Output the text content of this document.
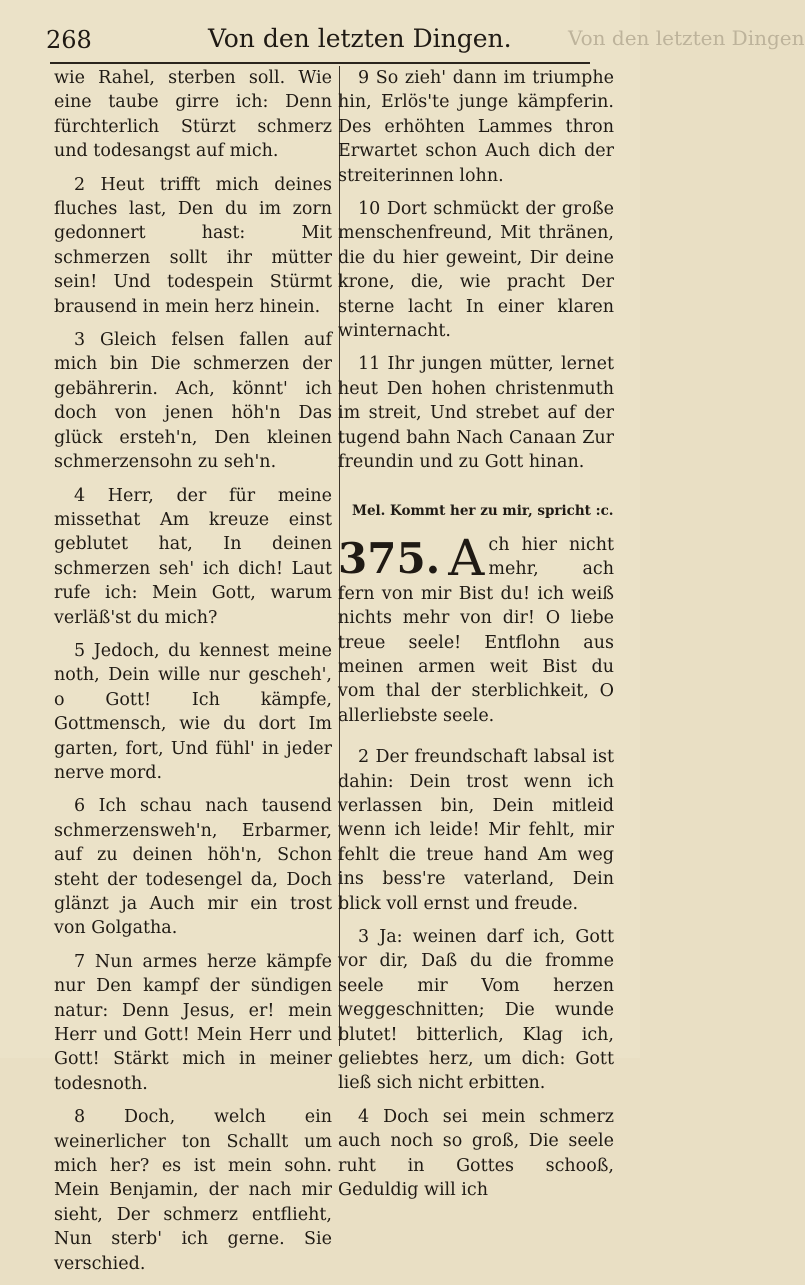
268	Von den letzten Dingen.	Von den letzten Dingen

wie Rahel, sterben soll. Wie eine taube girre ich: Denn fürchterlich Stürzt schmerz und todesangst auf mich.

2 Heut trifft mich deines fluches last, Den du im zorn gedonnert hast: Mit schmerzen sollt ihr mütter sein! Und todespein Stürmt brausend in mein herz hinein.

3 Gleich felsen fallen auf mich bin Die schmerzen der gebährerin. Ach, könnt' ich doch von jenen höh'n Das glück ersteh'n, Den kleinen schmerzensohn zu seh'n.

4 Herr, der für meine missethat Am kreuze einst geblutet hat, In deinen schmerzen seh' ich dich! Laut rufe ich: Mein Gott, warum verläß'st du mich?

5 Jedoch, du kennest meine noth, Dein wille nur gescheh', o Gott! Ich kämpfe, Gottmensch, wie du dort Im garten, fort, Und fühl' in jeder nerve mord.

6 Ich schau nach tausend schmerzensweh'n, Erbarmer, auf zu deinen höh'n, Schon steht der todesengel da, Doch glänzt ja Auch mir ein trost von Golgatha.

7 Nun armes herze kämpfe nur Den kampf der sündigen natur: Denn Jesus, er! mein Herr und Gott! Mein Herr und Gott! Stärkt mich in meiner todesnoth.

8 Doch, welch ein weinerlicher ton Schallt um mich her? es ist mein sohn. Mein Benjamin, der nach mir sieht, Der schmerz entflieht, Nun sterb' ich gerne. Sie verschied.

9 So zieh' dann im triumphe hin, Erlös'te junge kämpferin. Des erhöhten Lammes thron Erwartet schon Auch dich der streiterinnen lohn.

10 Dort schmückt der große menschenfreund, Mit thränen, die du hier geweint, Dir deine krone, die, wie pracht Der sterne lacht In einer klaren winternacht.

11 Ihr jungen mütter, lernet heut Den hohen christenmuth im streit, Und strebet auf der tugend bahn Nach Canaan Zur freundin und zu Gott hinan.

Mel. Kommt her zu mir, spricht :c.

375. A ch hier nicht mehr, ach fern von mir Bist du! ich weiß nichts mehr von dir! O liebe treue seele! Entflohn aus meinen armen weit Bist du vom thal der sterblichkeit, O allerliebste seele.

2 Der freundschaft labsal ist dahin: Dein trost wenn ich verlassen bin, Dein mitleid wenn ich leide! Mir fehlt, mir fehlt die treue hand Am weg ins bess're vaterland, Dein blick voll ernst und freude.

3 Ja: weinen darf ich, Gott vor dir, Daß du die fromme seele mir Vom herzen weggeschnitten; Die wunde blutet! bitterlich, Klag ich, geliebtes herz, um dich: Gott ließ sich nicht erbitten.

4 Doch sei mein schmerz auch noch so groß, Die seele ruht in Gottes schooß, Geduldig will ich
